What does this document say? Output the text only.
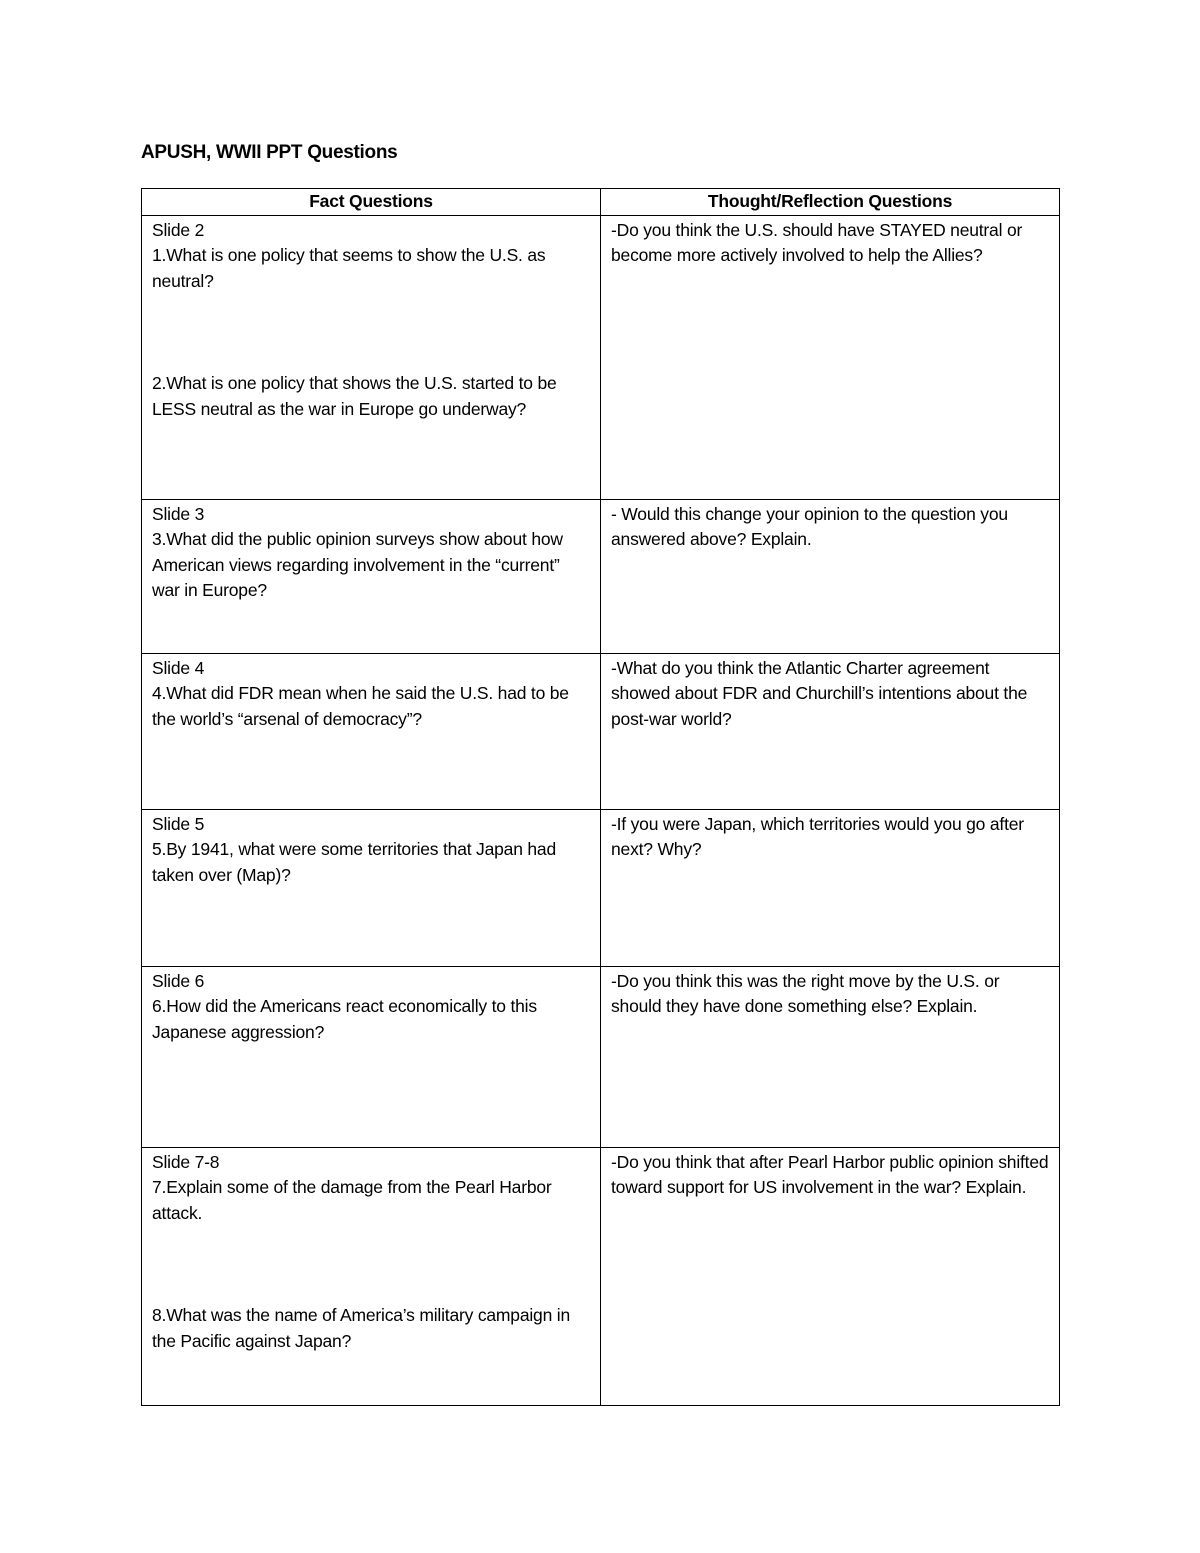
APUSH, WWII PPT Questions
Fact Questions	Thought/Reflection Questions

Slide 2
1.What is one policy that seems to show the U.S. as neutral?
2.What is one policy that shows the U.S. started to be LESS neutral as the war in Europe go underway?	-Do you think the U.S. should have STAYED neutral or become more actively involved to help the Allies?

Slide 3
3.What did the public opinion surveys show about how American views regarding involvement in the “current” war in Europe?	- Would this change your opinion to the question you answered above? Explain.

Slide 4
4.What did FDR mean when he said the U.S. had to be the world’s “arsenal of democracy”?	-What do you think the Atlantic Charter agreement showed about FDR and Churchill’s intentions about the post-war world?

Slide 5
5.By 1941, what were some territories that Japan had taken over (Map)?	-If you were Japan, which territories would you go after next? Why?

Slide 6
6.How did the Americans react economically to this Japanese aggression?	-Do you think this was the right move by the U.S. or should they have done something else? Explain.

Slide 7-8
7.Explain some of the damage from the Pearl Harbor attack.
8.What was the name of America’s military campaign in the Pacific against Japan?	-Do you think that after Pearl Harbor public opinion shifted toward support for US involvement in the war? Explain.
